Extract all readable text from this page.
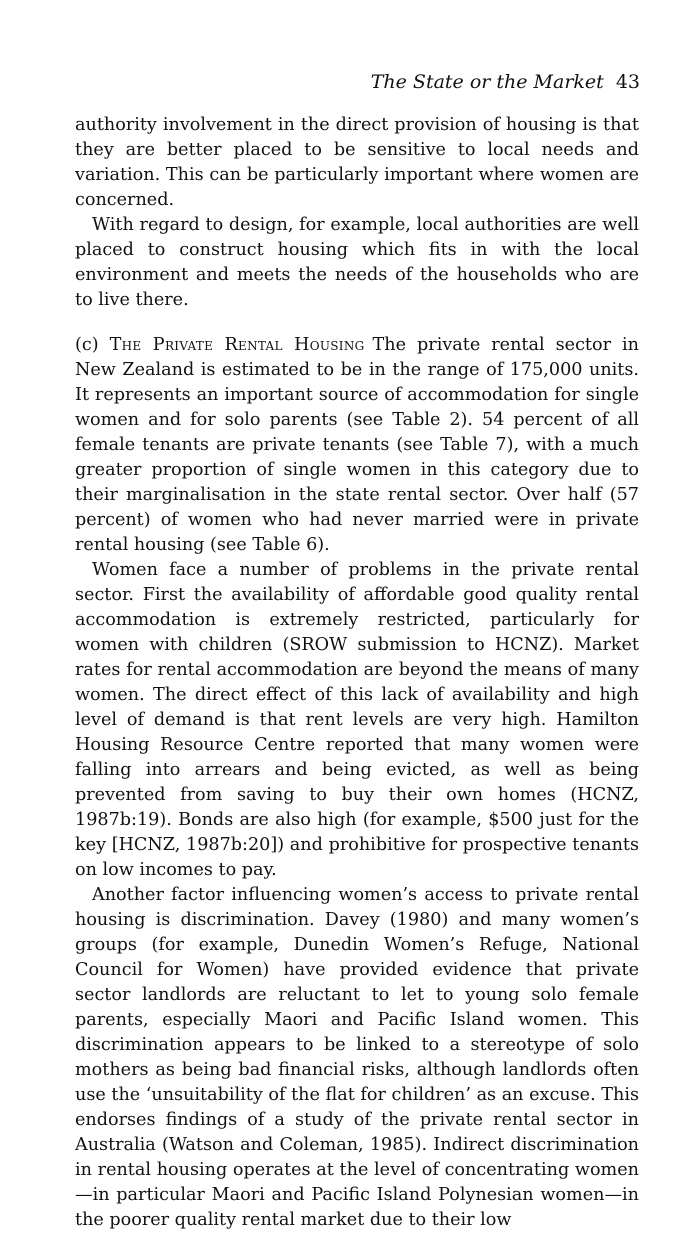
The State or the Market 43

authority involvement in the direct provision of housing is that they are better placed to be sensitive to local needs and variation. This can be particularly important where women are concerned.

With regard to design, for example, local authorities are well placed to construct housing which fits in with the local environment and meets the needs of the households who are to live there.

(c) The Private Rental Housing The private rental sector in New Zealand is estimated to be in the range of 175,000 units. It represents an important source of accommodation for single women and for solo parents (see Table 2). 54 percent of all female tenants are private tenants (see Table 7), with a much greater proportion of single women in this category due to their marginalisation in the state rental sector. Over half (57 percent) of women who had never married were in private rental housing (see Table 6).

Women face a number of problems in the private rental sector. First the availability of affordable good quality rental accommodation is extremely restricted, particularly for women with children (SROW submission to HCNZ). Market rates for rental accommodation are beyond the means of many women. The direct effect of this lack of availability and high level of demand is that rent levels are very high. Hamilton Housing Resource Centre reported that many women were falling into arrears and being evicted, as well as being prevented from saving to buy their own homes (HCNZ, 1987b:19). Bonds are also high (for example, $500 just for the key [HCNZ, 1987b:20]) and prohibitive for prospective tenants on low incomes to pay.

Another factor influencing women’s access to private rental housing is discrimination. Davey (1980) and many women’s groups (for example, Dunedin Women’s Refuge, National Council for Women) have provided evidence that private sector landlords are reluctant to let to young solo female parents, especially Maori and Pacific Island women. This discrimination appears to be linked to a stereotype of solo mothers as being bad financial risks, although landlords often use the ‘unsuitability of the flat for children’ as an excuse. This endorses findings of a study of the private rental sector in Australia (Watson and Coleman, 1985). Indirect discrimination in rental housing operates at the level of concentrating women—in particular Maori and Pacific Island Polynesian women—in the poorer quality rental market due to their low
